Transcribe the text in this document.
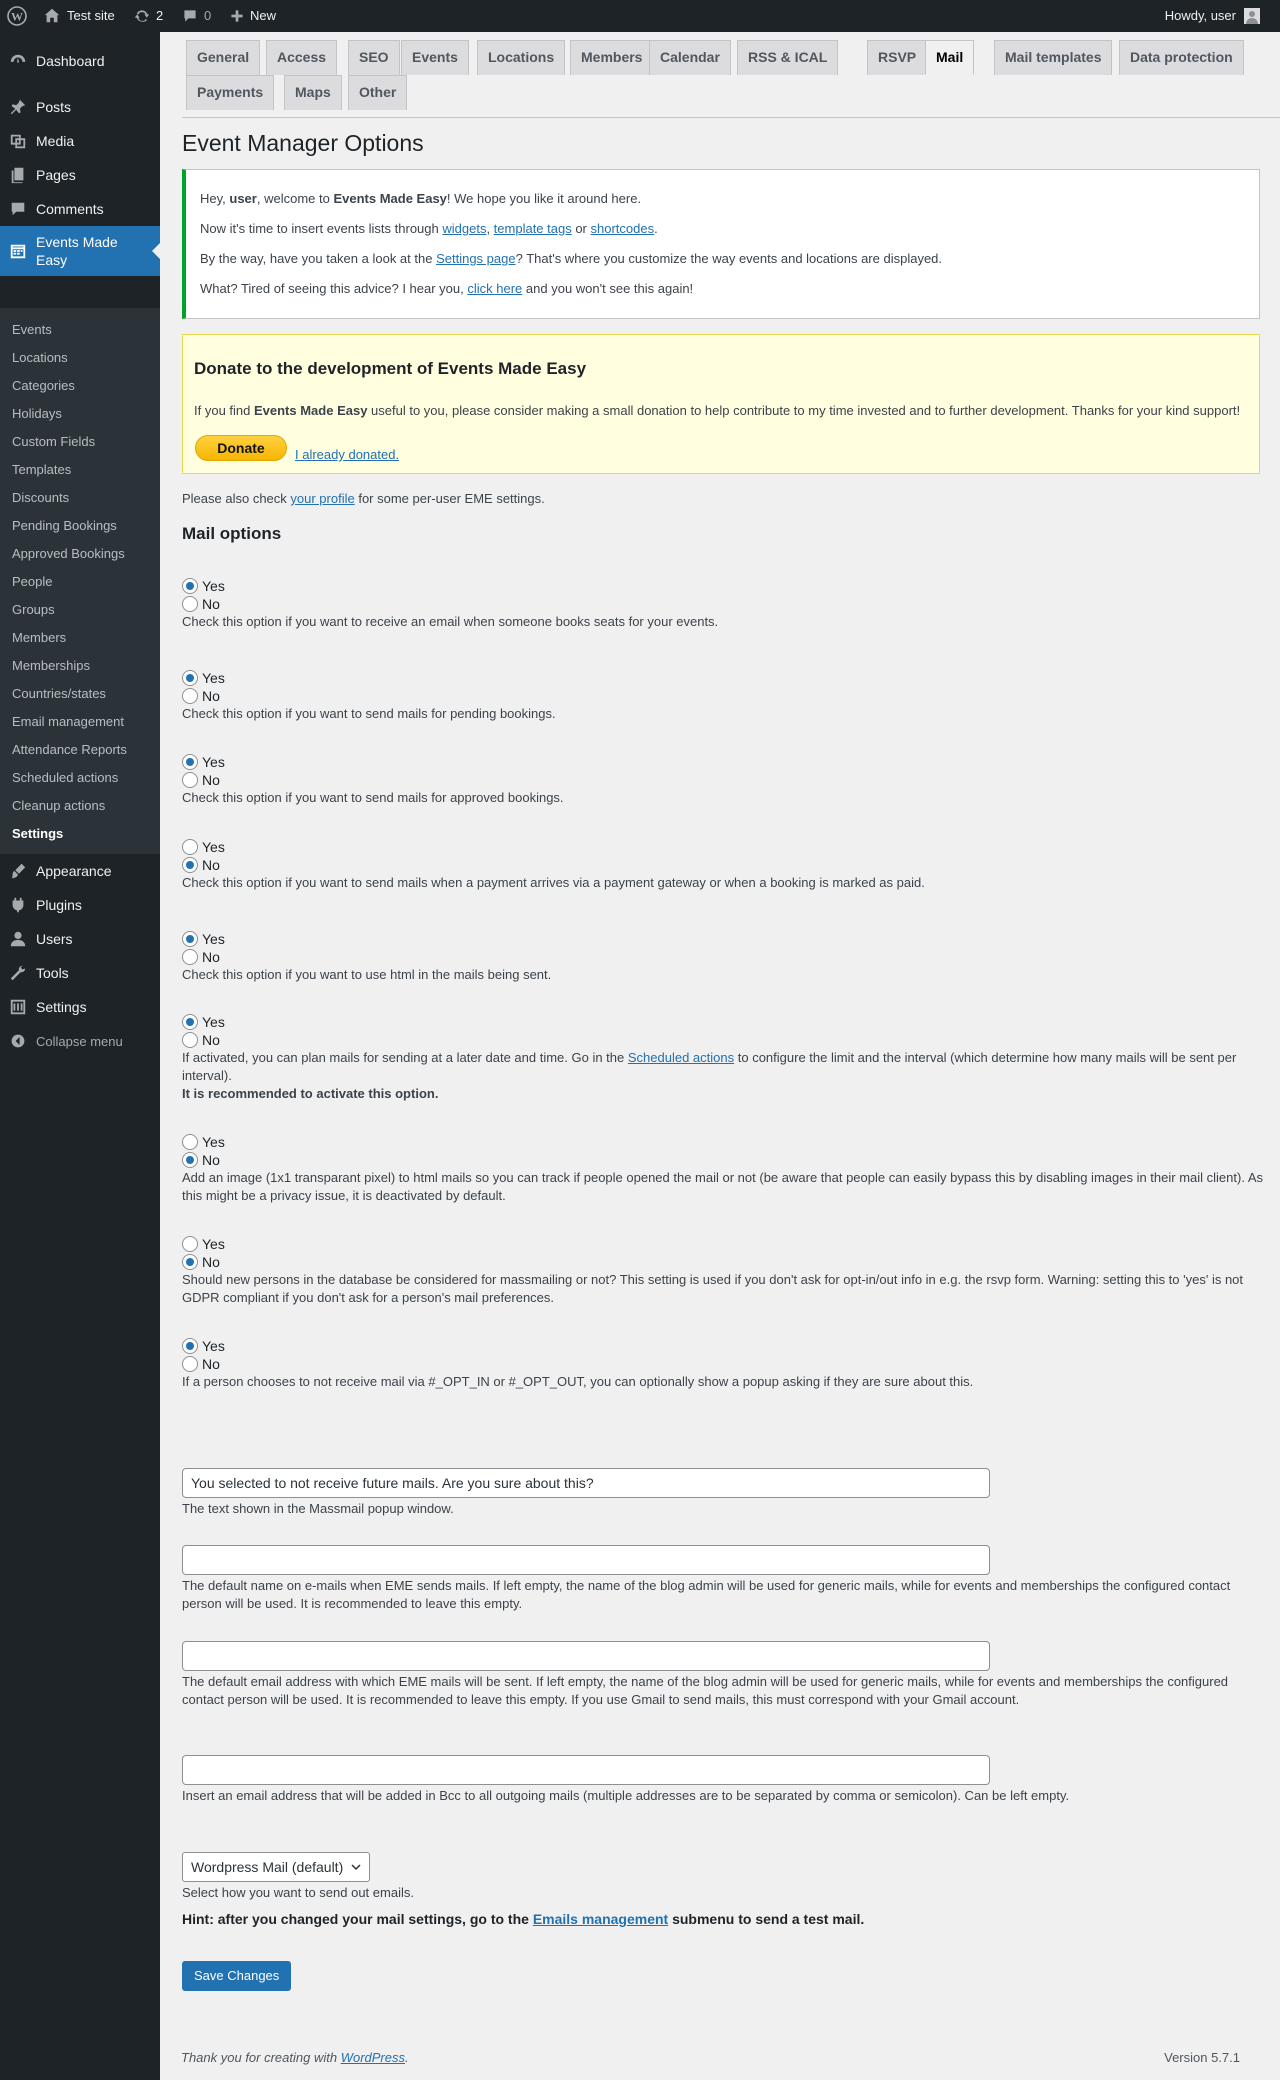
W	Test site	2	0	New	Howdy, user
Dashboard
Posts
Media
Pages
Comments
Events Made Easy
Events
Locations
Categories
Holidays
Custom Fields
Templates
Discounts
Pending Bookings
Approved Bookings
People
Groups
Members
Memberships
Countries/states
Email management
Attendance Reports
Scheduled actions
Cleanup actions
Settings
Appearance
Plugins
Users
Tools
Settings
Collapse menu
General	Access	SEO	Events	Locations	Members	Calendar	RSS & ICAL	RSVP	Mail	Mail templates	Data protection
Payments	Maps	Other
Event Manager Options

Hey, user, welcome to Events Made Easy! We hope you like it around here.

Now it's time to insert events lists through widgets, template tags or shortcodes.

By the way, have you taken a look at the Settings page? That's where you customize the way events and locations are displayed.

What? Tired of seeing this advice? I hear you, click here and you won't see this again!

Donate to the development of Events Made Easy

If you find Events Made Easy useful to you, please consider making a small donation to help contribute to my time invested and to further development. Thanks for your kind support!

Donate	I already donated.
Please also check your profile for some per-user EME settings.
Mail options
Yes
No
Check this option if you want to receive an email when someone books seats for your events.
Yes
No
Check this option if you want to send mails for pending bookings.
Yes
No
Check this option if you want to send mails for approved bookings.
Yes
No
Check this option if you want to send mails when a payment arrives via a payment gateway or when a booking is marked as paid.
Yes
No
Check this option if you want to use html in the mails being sent.
Yes
No
If activated, you can plan mails for sending at a later date and time. Go in the Scheduled actions to configure the limit and the interval (which determine how many mails will be sent per interval).
It is recommended to activate this option.
Yes
No
Add an image (1x1 transparant pixel) to html mails so you can track if people opened the mail or not (be aware that people can easily bypass this by disabling images in their mail client). As this might be a privacy issue, it is deactivated by default.
Yes
No
Should new persons in the database be considered for massmailing or not? This setting is used if you don't ask for opt-in/out info in e.g. the rsvp form. Warning: setting this to 'yes' is not GDPR compliant if you don't ask for a person's mail preferences.
Yes
No
If a person chooses to not receive mail via #_OPT_IN or #_OPT_OUT, you can optionally show a popup asking if they are sure about this.
You selected to not receive future mails. Are you sure about this?
The text shown in the Massmail popup window.
The default name on e-mails when EME sends mails. If left empty, the name of the blog admin will be used for generic mails, while for events and memberships the configured contact person will be used. It is recommended to leave this empty.
The default email address with which EME mails will be sent. If left empty, the name of the blog admin will be used for generic mails, while for events and memberships the configured contact person will be used. It is recommended to leave this empty. If you use Gmail to send mails, this must correspond with your Gmail account.
Insert an email address that will be added in Bcc to all outgoing mails (multiple addresses are to be separated by comma or semicolon). Can be left empty.
Wordpress Mail (default)
Select how you want to send out emails.
Hint: after you changed your mail settings, go to the Emails management submenu to send a test mail.
Save Changes
Thank you for creating with WordPress.	Version 5.7.1
